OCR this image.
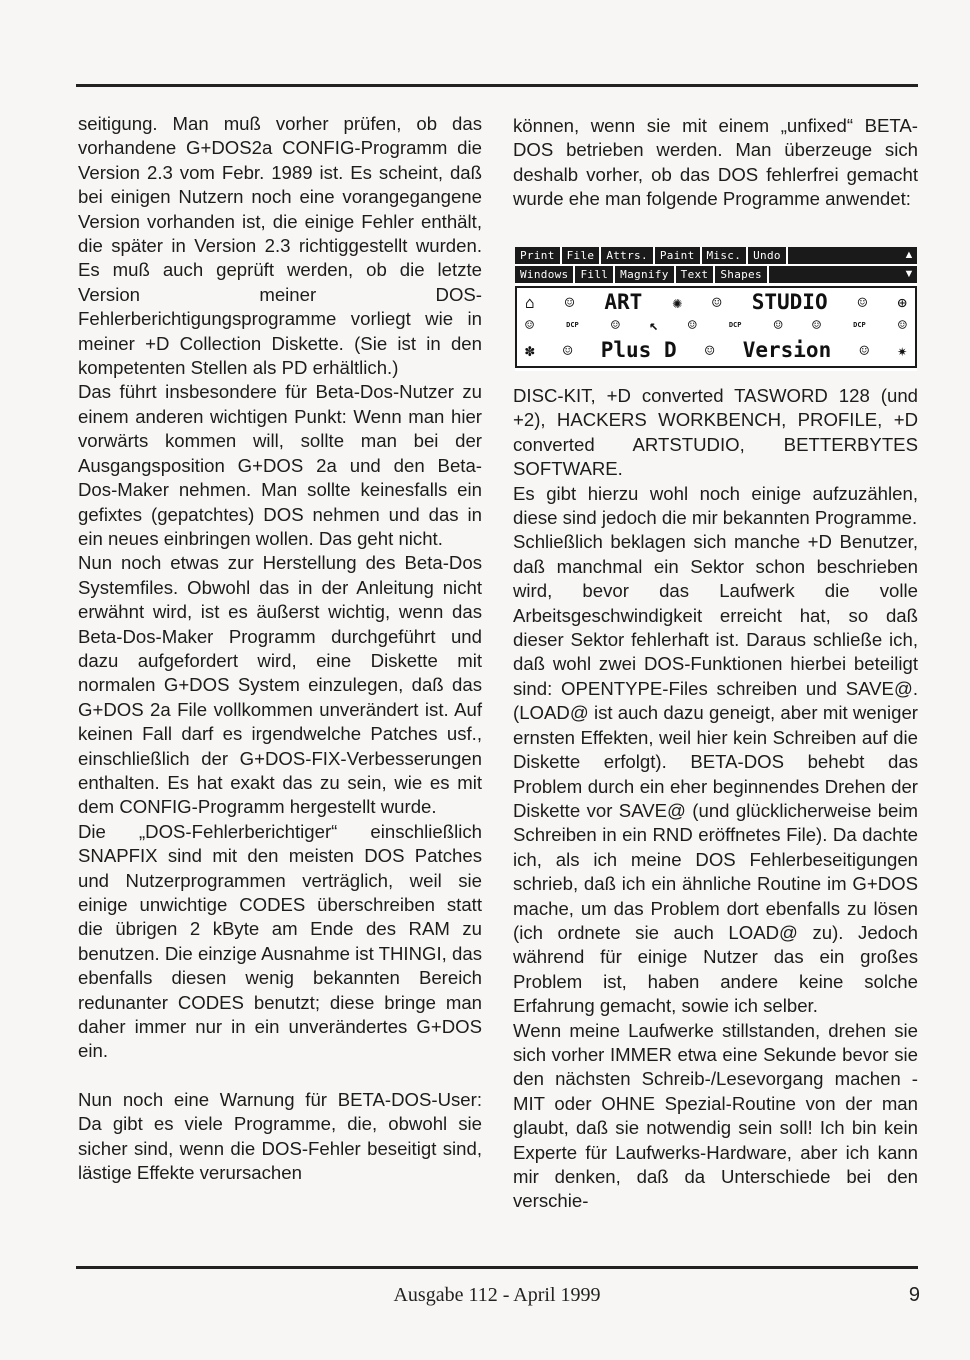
seitigung. Man muß vorher prüfen, ob das vorhandene G+DOS2a CONFIG-Programm die Version 2.3 vom Febr. 1989 ist. Es scheint, daß bei einigen Nutzern noch eine vorangegangene Version vorhanden ist, die einige Fehler enthält, die später in Version 2.3 richtiggestellt wurden. Es muß auch geprüft werden, ob die letzte Version meiner DOS-Fehlerberichtigungsprogramme vorliegt wie in meiner +D Collection Diskette. (Sie ist in den kompetenten Stellen als PD erhältlich.)

Das führt insbesondere für Beta-Dos-Nutzer zu einem anderen wichtigen Punkt: Wenn man hier vorwärts kommen will, sollte man bei der Ausgangsposition G+DOS 2a und den Beta-Dos-Maker nehmen. Man sollte keinesfalls ein gefixtes (gepatchtes) DOS nehmen und das in ein neues einbringen wollen. Das geht nicht.

Nun noch etwas zur Herstellung des Beta-Dos Systemfiles. Obwohl das in der Anleitung nicht erwähnt wird, ist es äußerst wichtig, wenn das Beta-Dos-Maker Programm durchgeführt und dazu aufgefordert wird, eine Diskette mit normalen G+DOS System einzulegen, daß das G+DOS 2a File vollkommen unverändert ist. Auf keinen Fall darf es irgendwelche Patches usf., einschließlich der G+DOS-FIX-Verbesserungen enthalten. Es hat exakt das zu sein, wie es mit dem CONFIG-Programm hergestellt wurde.

Die „DOS-Fehlerberichtiger“ einschließlich SNAPFIX sind mit den meisten DOS Patches und Nutzerprogrammen verträglich, weil sie einige unwichtige CODES überschreiben statt die übrigen 2 kByte am Ende des RAM zu benutzen. Die einzige Ausnahme ist THINGI, das ebenfalls diesen wenig bekannten Bereich redunanter CODES benutzt; diese bringe man daher immer nur in ein unverändertes G+DOS ein.

Nun noch eine Warnung für BETA-DOS-User: Da gibt es viele Programme, die, obwohl sie sicher sind, wenn die DOS-Fehler beseitigt sind, lästige Effekte verursachen

können, wenn sie mit einem „unfixed“ BETA-DOS betrieben werden. Man überzeuge sich deshalb vorher, ob das DOS fehlerfrei gemacht wurde ehe man folgende Programme anwendet:

Print	File	Attrs.	Paint	Misc.	Undo	▲
Windows	Fill	Magnify	Text	Shapes	▼
⌂ ☺ ART ✺ ☺ STUDIO ☺ ⊕
☺	DCP ☺ ↖ ☺	DCP ☺ ☺	DCP ☺
✽ ☺ Plus D ☺ Version ☺ ✷

DISC-KIT, +D converted TASWORD 128 (und +2), HACKERS WORKBENCH, PROFILE, +D converted ARTSTUDIO, BETTERBYTES SOFTWARE.

Es gibt hierzu wohl noch einige aufzuzählen, diese sind jedoch die mir bekannten Programme.

Schließlich beklagen sich manche +D Benutzer, daß manchmal ein Sektor schon beschrieben wird, bevor das Laufwerk die volle Arbeitsgeschwindigkeit erreicht hat, so daß dieser Sektor fehlerhaft ist. Daraus schließe ich, daß wohl zwei DOS-Funktionen hierbei beteiligt sind: OPENTYPE-Files schreiben und SAVE@. (LOAD@ ist auch dazu geneigt, aber mit weniger ernsten Effekten, weil hier kein Schreiben auf die Diskette erfolgt). BETA-DOS behebt das Problem durch ein eher beginnendes Drehen der Diskette vor SAVE@ (und glücklicherweise beim Schreiben in ein RND eröffnetes File). Da dachte ich, als ich meine DOS Fehlerbeseitigungen schrieb, daß ich ein ähnliche Routine im G+DOS mache, um das Problem dort ebenfalls zu lösen (ich ordnete sie auch LOAD@ zu). Jedoch während für einige Nutzer das ein großes Problem ist, haben andere keine solche Erfahrung gemacht, sowie ich selber.

Wenn meine Laufwerke stillstanden, drehen sie sich vorher IMMER etwa eine Sekunde bevor sie den nächsten Schreib-/Lesevorgang machen - MIT oder OHNE Spezial-Routine von der man glaubt, daß sie notwendig sein soll! Ich bin kein Experte für Laufwerks-Hardware, aber ich kann mir denken, daß da Unterschiede bei den verschie-

Ausgabe 112 - April 1999	9
